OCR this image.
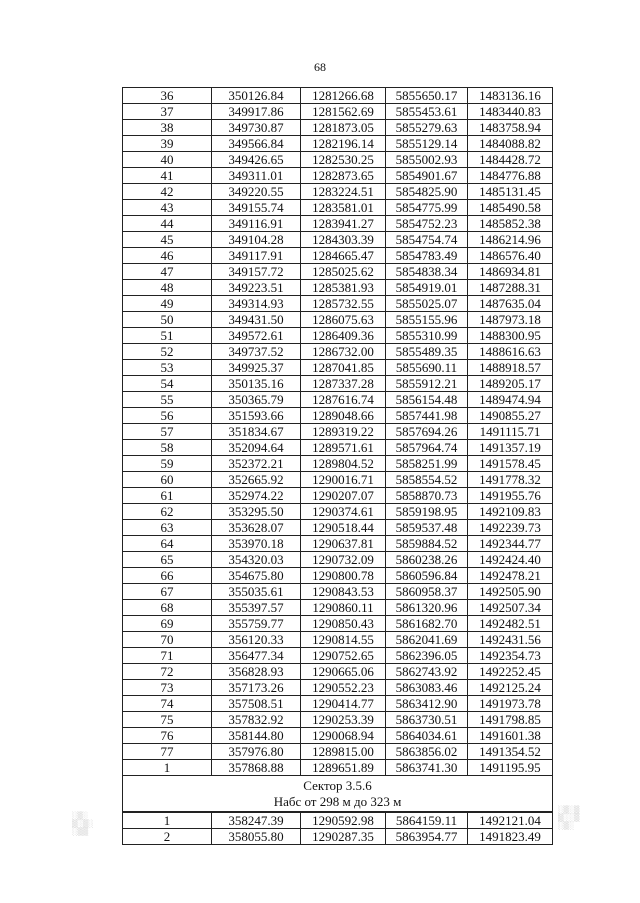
68
36	350126.84	1281266.68	5855650.17	1483136.16
37	349917.86	1281562.69	5855453.61	1483440.83
38	349730.87	1281873.05	5855279.63	1483758.94
39	349566.84	1282196.14	5855129.14	1484088.82
40	349426.65	1282530.25	5855002.93	1484428.72
41	349311.01	1282873.65	5854901.67	1484776.88
42	349220.55	1283224.51	5854825.90	1485131.45
43	349155.74	1283581.01	5854775.99	1485490.58
44	349116.91	1283941.27	5854752.23	1485852.38
45	349104.28	1284303.39	5854754.74	1486214.96
46	349117.91	1284665.47	5854783.49	1486576.40
47	349157.72	1285025.62	5854838.34	1486934.81
48	349223.51	1285381.93	5854919.01	1487288.31
49	349314.93	1285732.55	5855025.07	1487635.04
50	349431.50	1286075.63	5855155.96	1487973.18
51	349572.61	1286409.36	5855310.99	1488300.95
52	349737.52	1286732.00	5855489.35	1488616.63
53	349925.37	1287041.85	5855690.11	1488918.57
54	350135.16	1287337.28	5855912.21	1489205.17
55	350365.79	1287616.74	5856154.48	1489474.94
56	351593.66	1289048.66	5857441.98	1490855.27
57	351834.67	1289319.22	5857694.26	1491115.71
58	352094.64	1289571.61	5857964.74	1491357.19
59	352372.21	1289804.52	5858251.99	1491578.45
60	352665.92	1290016.71	5858554.52	1491778.32
61	352974.22	1290207.07	5858870.73	1491955.76
62	353295.50	1290374.61	5859198.95	1492109.83
63	353628.07	1290518.44	5859537.48	1492239.73
64	353970.18	1290637.81	5859884.52	1492344.77
65	354320.03	1290732.09	5860238.26	1492424.40
66	354675.80	1290800.78	5860596.84	1492478.21
67	355035.61	1290843.53	5860958.37	1492505.90
68	355397.57	1290860.11	5861320.96	1492507.34
69	355759.77	1290850.43	5861682.70	1492482.51
70	356120.33	1290814.55	5862041.69	1492431.56
71	356477.34	1290752.65	5862396.05	1492354.73
72	356828.93	1290665.06	5862743.92	1492252.45
73	357173.26	1290552.23	5863083.46	1492125.24
74	357508.51	1290414.77	5863412.90	1491973.78
75	357832.92	1290253.39	5863730.51	1491798.85
76	358144.80	1290068.94	5864034.61	1491601.38
77	357976.80	1289815.00	5863856.02	1491354.52
1	357868.88	1289651.89	5863741.30	1491195.95

Сектор 3.5.6
Набс от 298 м до 323 м				

1	358247.39	1290592.98	5864159.11	1492121.04
2	358055.80	1290287.35	5863954.77	1491823.49
░▒░
▒░▒░
░▒▒
░▒░▒
▒░░▒
░▒░
